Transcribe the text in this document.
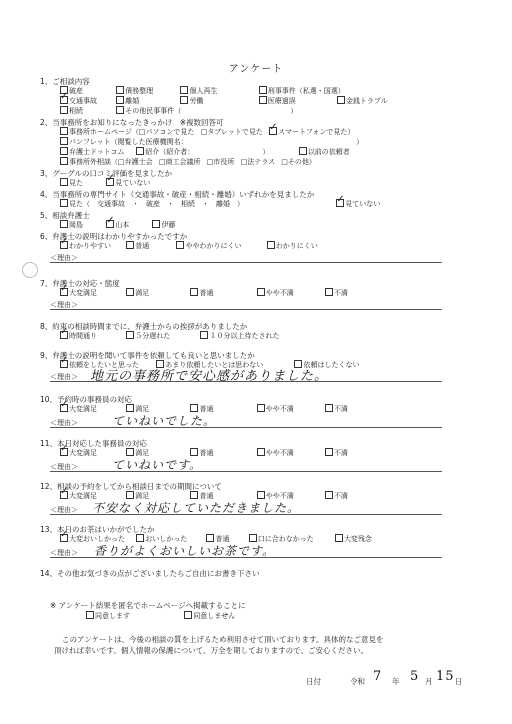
アンケート
1、ご相談内容
破産	債務整理	個人再生	刑事事件（私選・国選）
✓交通事故	離婚	労働	医療過誤	金銭トラブル
相続	その他民事事件（	）
2、当事務所をお知りになったきっかけ　※複数回答可
事務所ホームページ（□パソコンで見た □タブレットで見た ✓ スマートフォンで見た）
パンフレット（閲覧した医療機関名：	）
弁護士ドットコム	紹介（紹介者：	）	以前の依頼者
事務所外相談（□弁護士会 □商工会議所 □市役所 □法テラス □その他）
3、グーグルの口コミ評価を見ましたか
見た ✓	見ていない
4、当事務所の専門サイト（交通事故・破産・相続・離婚）いずれかを見ましたか
見た（　交通事故　・　破産　・　相続　・　離婚　） ✓	見ていない
5、相談弁護士
岡島 ✓	山本	伊藤
6、弁護士の説明はわかりやすかったですか
✓わかりやすい	普通	ややわかりにくい	わかりにくい
＜理由＞
7、弁護士の対応・態度
✓大変満足	満足	普通	やや不満	不満
＜理由＞
8、約束の相談時間までに、弁護士からの挨拶がありましたか
✓時間通り	５分遅れた	１０分以上待たされた
9、弁護士の説明を聞いて事件を依頼しても良いと思いましたか
✓依頼をしたいと思った	あまり依頼したいとは思わない	依頼はしたくない
＜理由＞ 地元の事務所で安心感がありました。
10、予約時の事務員の対応
✓大変満足	満足	普通	やや不満	不満
＜理由＞	ていねいでした。
11、本日対応した事務員の対応
✓大変満足	満足	普通	やや不満	不満
＜理由＞	ていねいです。
12、相談の予約をしてから相談日までの期間について
✓大変満足	満足	普通	やや不満	不満
＜理由＞ 不安なく対応していただきました。
13、本日のお茶はいかがでしたか
✓大変おいしかった	おいしかった	普通	口に合わなかった	大変残念
＜理由＞ 香りがよくおいしいお茶です。
14、その他お気づきの点がございましたらご自由にお書き下さい
※ アンケート結果を匿名でホームページへ掲載することに
同意します	同意しません
このアンケートは、今後の相談の質を上げるため利用させて頂いております。具体的なご意見を
頂ければ幸いです。個人情報の保護について、万全を期しておりますので、ご安心ください。
日付	令和 7 年 5 月 15 日
